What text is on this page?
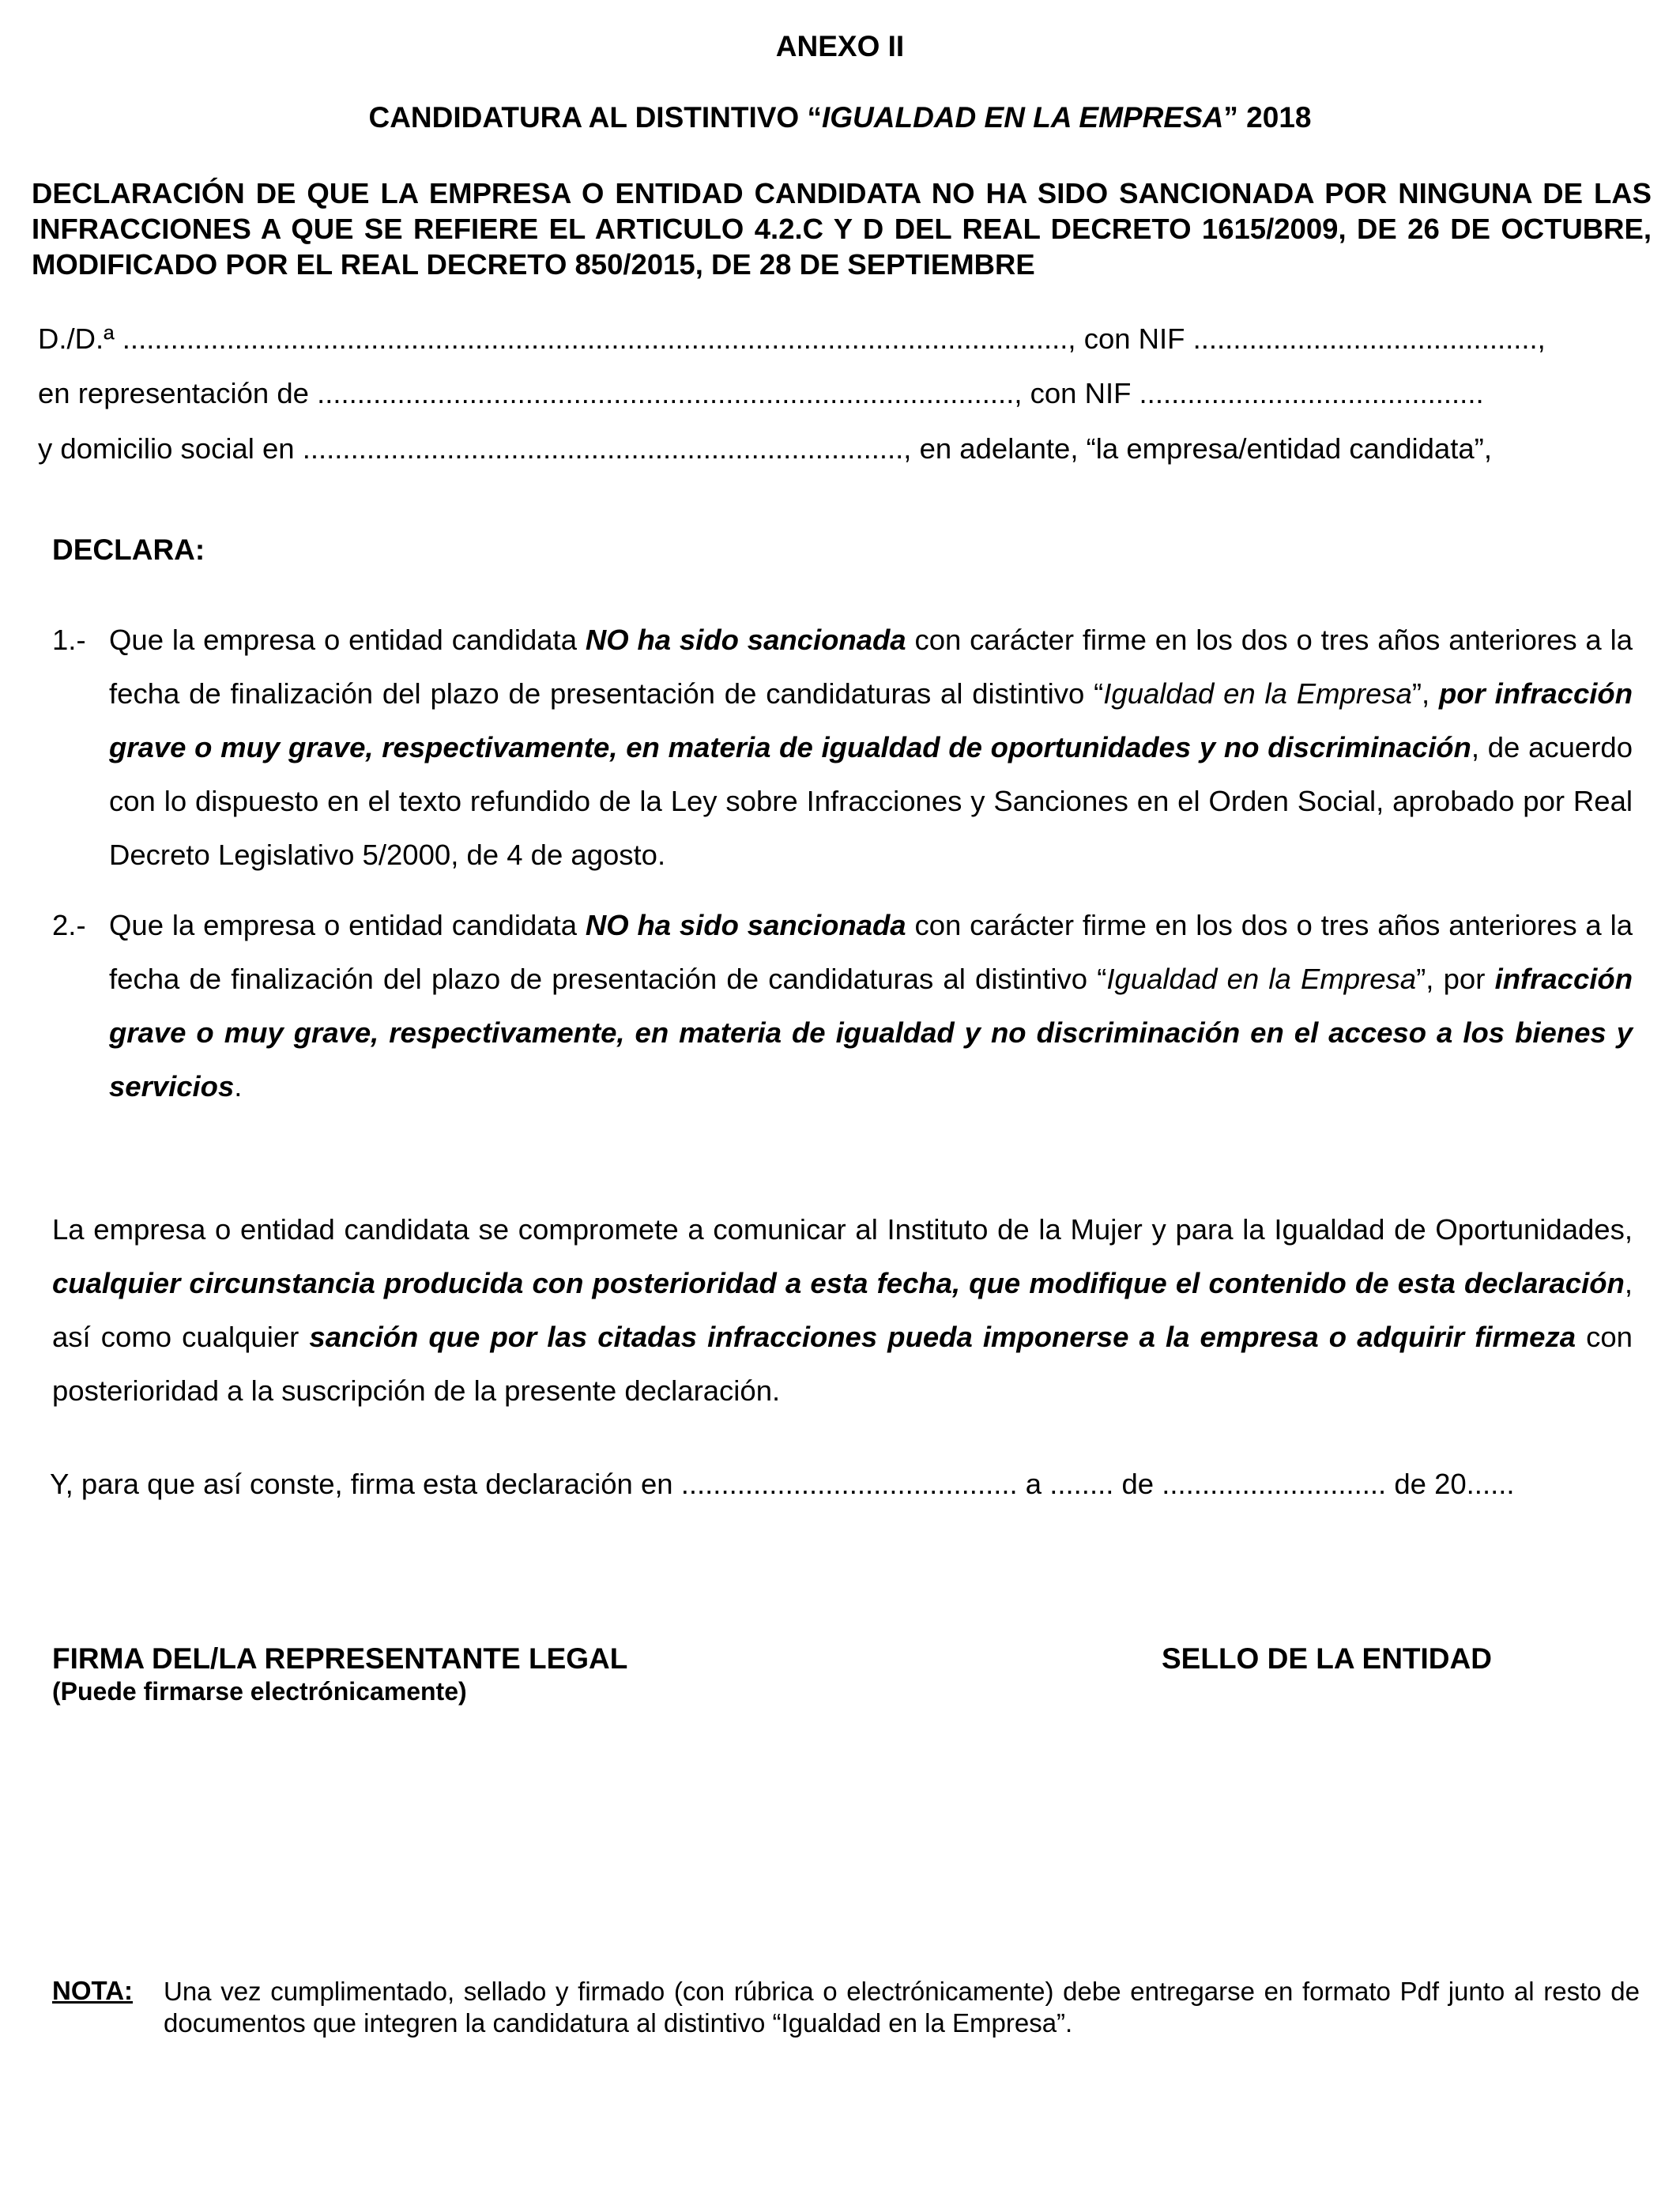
ANEXO II
CANDIDATURA AL DISTINTIVO “IGUALDAD EN LA EMPRESA” 2018
DECLARACIÓN DE QUE LA EMPRESA O ENTIDAD CANDIDATA NO HA SIDO SANCIONADA POR NINGUNA DE LAS INFRACCIONES A QUE SE REFIERE EL ARTICULO 4.2.C Y D DEL REAL DECRETO 1615/2009, DE 26 DE OCTUBRE, MODIFICADO POR EL REAL DECRETO 850/2015, DE 28 DE SEPTIEMBRE
D./D.ª ......................................................................................................................, con NIF ...........................................,
en representación de ......................................................................................., con NIF ...........................................
y domicilio social en ..........................................................................., en adelante, “la empresa/entidad candidata”,
DECLARA:
1.- Que la empresa o entidad candidata NO ha sido sancionada con carácter firme en los dos o tres años anteriores a la fecha de finalización del plazo de presentación de candidaturas al distintivo “Igualdad en la Empresa”, por infracción grave o muy grave, respectivamente, en materia de igualdad de oportunidades y no discriminación, de acuerdo con lo dispuesto en el texto refundido de la Ley sobre Infracciones y Sanciones en el Orden Social, aprobado por Real Decreto Legislativo 5/2000, de 4 de agosto.
2.- Que la empresa o entidad candidata NO ha sido sancionada con carácter firme en los dos o tres años anteriores a la fecha de finalización del plazo de presentación de candidaturas al distintivo “Igualdad en la Empresa”, por infracción grave o muy grave, respectivamente, en materia de igualdad y no discriminación en el acceso a los bienes y servicios.
La empresa o entidad candidata se compromete a comunicar al Instituto de la Mujer y para la Igualdad de Oportunidades, cualquier circunstancia producida con posterioridad a esta fecha, que modifique el contenido de esta declaración, así como cualquier sanción que por las citadas infracciones pueda imponerse a la empresa o adquirir firmeza con posterioridad a la suscripción de la presente declaración.
Y, para que así conste, firma esta declaración en .......................................... a ........ de ............................ de 20......
FIRMA DEL/LA REPRESENTANTE LEGAL
(Puede firmarse electrónicamente)
SELLO DE LA ENTIDAD
NOTA: Una vez cumplimentado, sellado y firmado (con rúbrica o electrónicamente) debe entregarse en formato Pdf junto al resto de documentos que integren la candidatura al distintivo “Igualdad en la Empresa”.
